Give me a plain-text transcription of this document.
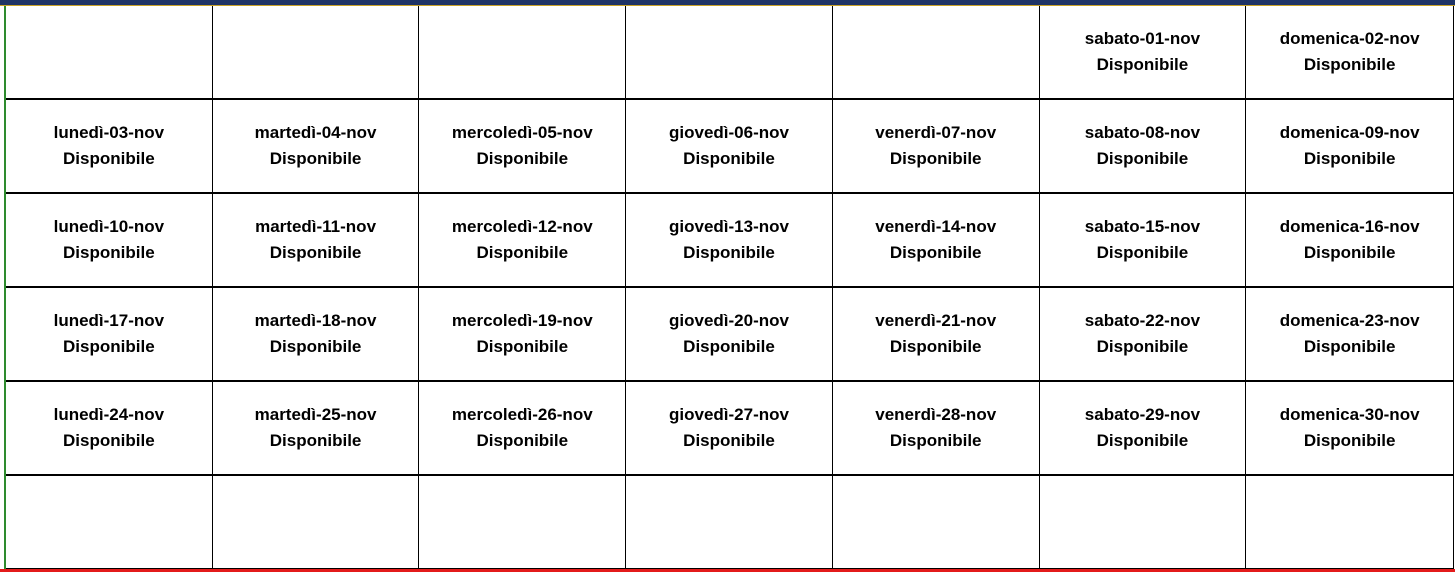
sabato-01-nov
Disponibile
domenica-02-nov
Disponibile
lunedì-03-nov
Disponibile
martedì-04-nov
Disponibile
mercoledì-05-nov
Disponibile
giovedì-06-nov
Disponibile
venerdì-07-nov
Disponibile
sabato-08-nov
Disponibile
domenica-09-nov
Disponibile
lunedì-10-nov
Disponibile
martedì-11-nov
Disponibile
mercoledì-12-nov
Disponibile
giovedì-13-nov
Disponibile
venerdì-14-nov
Disponibile
sabato-15-nov
Disponibile
domenica-16-nov
Disponibile
lunedì-17-nov
Disponibile
martedì-18-nov
Disponibile
mercoledì-19-nov
Disponibile
giovedì-20-nov
Disponibile
venerdì-21-nov
Disponibile
sabato-22-nov
Disponibile
domenica-23-nov
Disponibile
lunedì-24-nov
Disponibile
martedì-25-nov
Disponibile
mercoledì-26-nov
Disponibile
giovedì-27-nov
Disponibile
venerdì-28-nov
Disponibile
sabato-29-nov
Disponibile
domenica-30-nov
Disponibile
